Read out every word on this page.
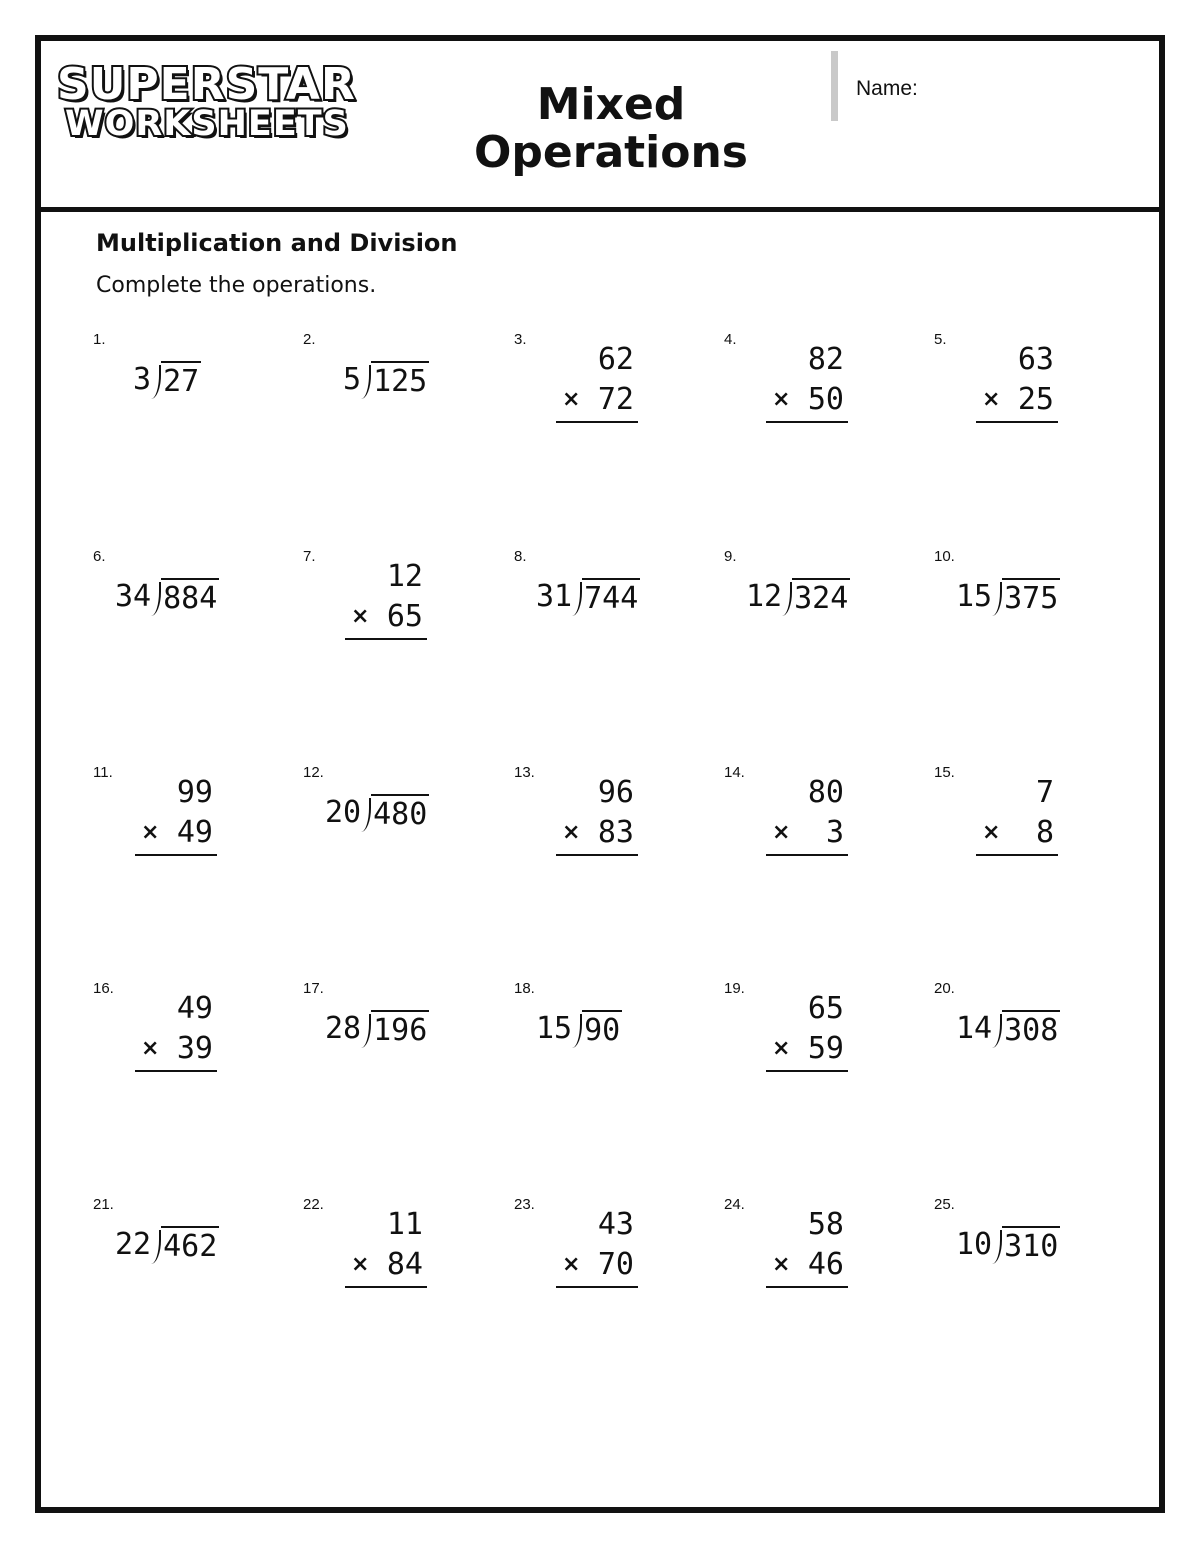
SUPERSTAR
WORKSHEETS	Mixed
Operations
Name:
Multiplication and Division
Complete the operations.
1.
3 27
2.
5 125
3.
62
× 72
4.
82
× 50
5.
63
× 25
6.
34 884
7.
12
× 65
8.
31 744
9.
12 324
10.
15 375
11.
99
× 49
12.
20 480
13.
96
× 83
14.
80
× 3
15.
7
× 8
16.
49
× 39
17.
28 196
18.
15 90
19.
65
× 59
20.
14 308
21.
22 462
22.
11
× 84
23.
43
× 70
24.
58
× 46
25.
10 310
